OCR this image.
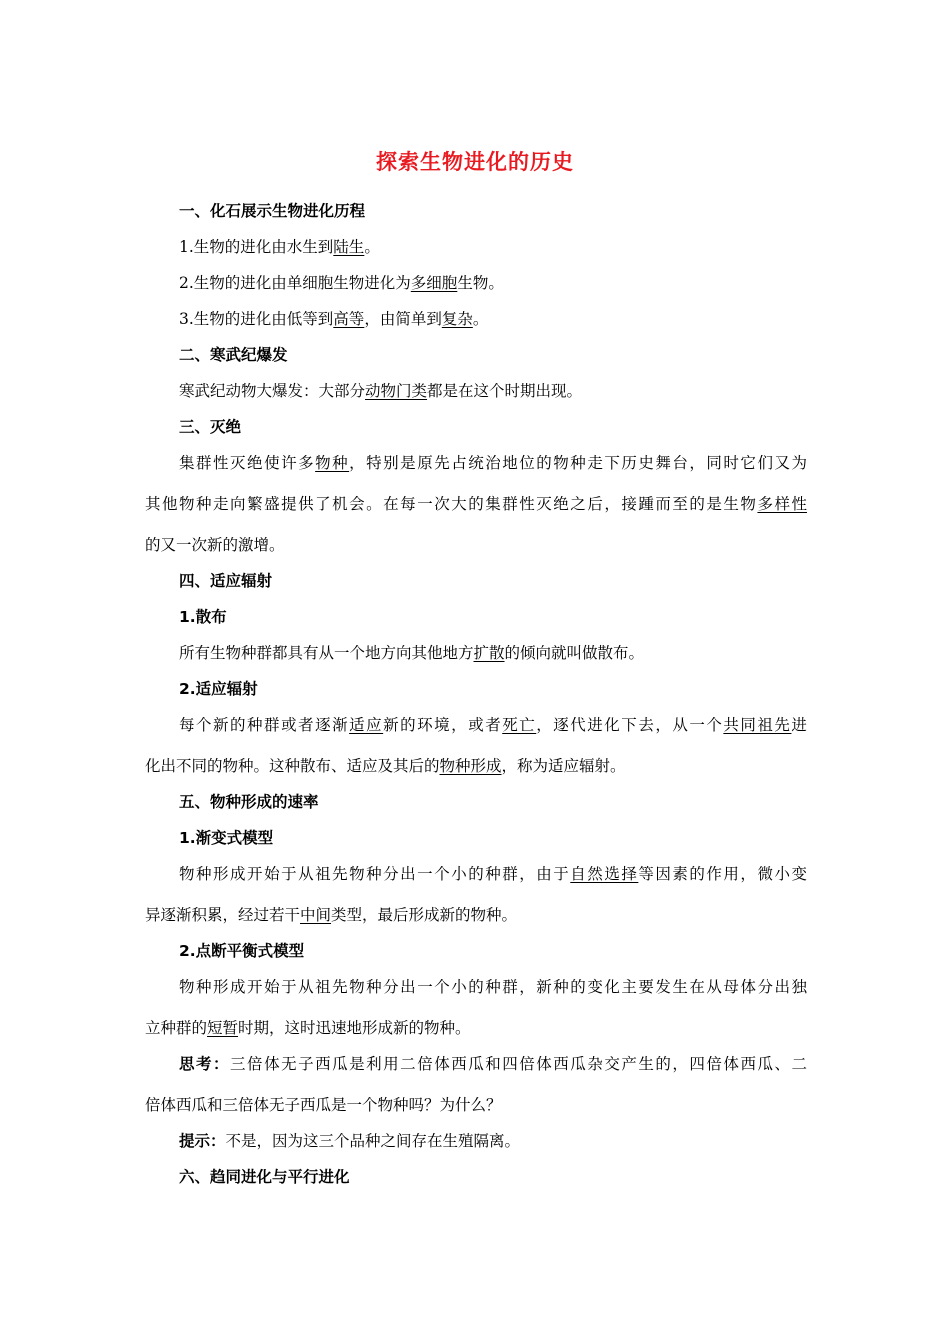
探索生物进化的历史
一、化石展示生物进化历程
1.生物的进化由水生到陆生。
2.生物的进化由单细胞生物进化为多细胞生物。
3.生物的进化由低等到高等，由简单到复杂。
二、寒武纪爆发
寒武纪动物大爆发：大部分动物门类都是在这个时期出现。
三、灭绝
集群性灭绝使许多物种，特别是原先占统治地位的物种走下历史舞台，同时它们又为
其他物种走向繁盛提供了机会。在每一次大的集群性灭绝之后，接踵而至的是生物多样性
的又一次新的激增。
四、适应辐射
1.散布
所有生物种群都具有从一个地方向其他地方扩散的倾向就叫做散布。
2.适应辐射
每个新的种群或者逐渐适应新的环境，或者死亡，逐代进化下去，从一个共同祖先进
化出不同的物种。这种散布、适应及其后的物种形成，称为适应辐射。
五、物种形成的速率
1.渐变式模型
物种形成开始于从祖先物种分出一个小的种群，由于自然选择等因素的作用，微小变
异逐渐积累，经过若干中间类型，最后形成新的物种。
2.点断平衡式模型
物种形成开始于从祖先物种分出一个小的种群，新种的变化主要发生在从母体分出独
立种群的短暂时期，这时迅速地形成新的物种。
思考：三倍体无子西瓜是利用二倍体西瓜和四倍体西瓜杂交产生的，四倍体西瓜、二
倍体西瓜和三倍体无子西瓜是一个物种吗？为什么？
提示：不是，因为这三个品种之间存在生殖隔离。
六、趋同进化与平行进化
